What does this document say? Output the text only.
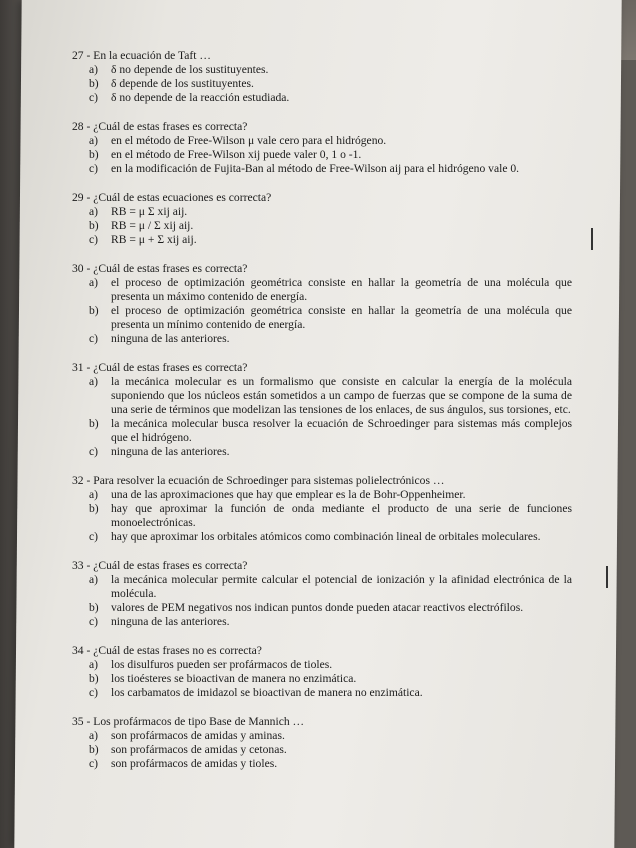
27 - En la ecuación de Taft …
a)	δ no depende de los sustituyentes.
b)	δ depende de los sustituyentes.
c)	δ no depende de la reacción estudiada.
28 - ¿Cuál de estas frases es correcta?
a)	en el método de Free-Wilson μ vale cero para el hidrógeno.
b)	en el método de Free-Wilson xij puede valer 0, 1 o -1.
c)	en la modificación de Fujita-Ban al método de Free-Wilson aij para el hidrógeno vale 0.
29 - ¿Cuál de estas ecuaciones es correcta?
a)	RB = μ Σ xij aij.
b)	RB = μ / Σ xij aij.
c)	RB = μ + Σ xij aij.
30 - ¿Cuál de estas frases es correcta?
a)	el proceso de optimización geométrica consiste en hallar la geometría de una molécula que presenta un máximo contenido de energía.
b)	el proceso de optimización geométrica consiste en hallar la geometría de una molécula que presenta un mínimo contenido de energía.
c)	ninguna de las anteriores.
31 - ¿Cuál de estas frases es correcta?
a)	la mecánica molecular es un formalismo que consiste en calcular la energía de la molécula suponiendo que los núcleos están sometidos a un campo de fuerzas que se compone de la suma de una serie de términos que modelizan las tensiones de los enlaces, de sus ángulos, sus torsiones, etc.
b)	la mecánica molecular busca resolver la ecuación de Schroedinger para sistemas más complejos que el hidrógeno.
c)	ninguna de las anteriores.
32 - Para resolver la ecuación de Schroedinger para sistemas polielectrónicos …
a)	una de las aproximaciones que hay que emplear es la de Bohr-Oppenheimer.
b)	hay que aproximar la función de onda mediante el producto de una serie de funciones monoelectrónicas.
c)	hay que aproximar los orbitales atómicos como combinación lineal de orbitales moleculares.
33 - ¿Cuál de estas frases es correcta?
a)	la mecánica molecular permite calcular el potencial de ionización y la afinidad electrónica de la molécula.
b)	valores de PEM negativos nos indican puntos donde pueden atacar reactivos electrófilos.
c)	ninguna de las anteriores.
34 - ¿Cuál de estas frases no es correcta?
a)	los disulfuros pueden ser profármacos de tioles.
b)	los tioésteres se bioactivan de manera no enzimática.
c)	los carbamatos de imidazol se bioactivan de manera no enzimática.
35 - Los profármacos de tipo Base de Mannich …
a)	son profármacos de amidas y aminas.
b)	son profármacos de amidas y cetonas.
c)	son profármacos de amidas y tioles.
